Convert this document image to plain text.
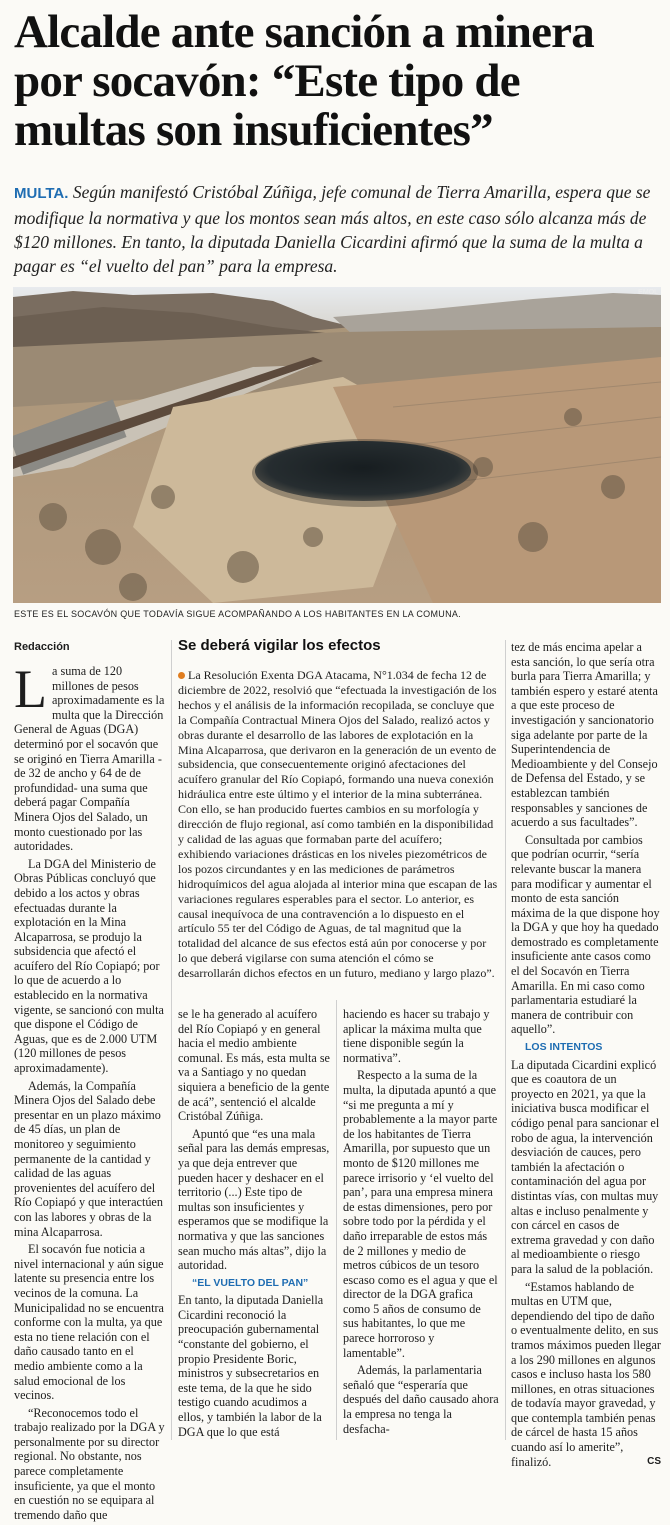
Alcalde ante sanción a minera por socavón: “Este tipo de multas son insuficientes”

MULTA. Según manifestó Cristóbal Zúñiga, jefe comunal de Tierra Amarilla, espera que se modifique la normativa y que los montos sean más altos, en este caso sólo alcanza más de $120 millones. En tanto, la diputada Daniella Cicardini afirmó que la suma de la multa a pagar es “el vuelto del pan” para la empresa.

EMOL
ESTE ES EL SOCAVÓN QUE TODAVÍA SIGUE ACOMPAÑANDO A LOS HABITANTES EN LA COMUNA.
Redacción

La suma de 120 millones de pesos aproximadamente es la multa que la Dirección General de Aguas (DGA) determinó por el socavón que se originó en Tierra Amarilla -de 32 de ancho y 64 de de profundidad- una suma que deberá pagar Compañía Minera Ojos del Salado, un monto cuestionado por las autoridades.

La DGA del Ministerio de Obras Públicas concluyó que debido a los actos y obras efectuadas durante la explotación en la Mina Alcaparrosa, se produjo la subsidencia que afectó el acuífero del Río Copiapó; por lo que de acuerdo a lo establecido en la normativa vigente, se sancionó con multa que dispone el Código de Aguas, que es de 2.000 UTM (120 millones de pesos aproximadamente).

Además, la Compañía Minera Ojos del Salado debe presentar en un plazo máximo de 45 días, un plan de monitoreo y seguimiento permanente de la cantidad y calidad de las aguas provenientes del acuífero del Río Copiapó y que interactúen con las labores y obras de la mina Alcaparrosa.

El socavón fue noticia a nivel internacional y aún sigue latente su presencia entre los vecinos de la comuna. La Municipalidad no se encuentra conforme con la multa, ya que esta no tiene relación con el daño causado tanto en el medio ambiente como a la salud emocional de los vecinos.

“Reconocemos todo el trabajo realizado por la DGA y personalmente por su director regional. No obstante, nos parece completamente insuficiente, ya que el monto en cuestión no se equipara al tremendo daño que

Se deberá vigilar los efectos

La Resolución Exenta DGA Atacama, N°1.034 de fecha 12 de diciembre de 2022, resolvió que “efectuada la investigación de los hechos y el análisis de la información recopilada, se concluye que la Compañía Contractual Minera Ojos del Salado, realizó actos y obras durante el desarrollo de las labores de explotación en la Mina Alcaparrosa, que derivaron en la generación de un evento de subsidencia, que consecuentemente originó afectaciones del acuífero granular del Río Copiapó, formando una nueva conexión hidráulica entre este último y el interior de la mina subterránea. Con ello, se han producido fuertes cambios en su morfología y dirección de flujo regional, así como también en la disponibilidad y calidad de las aguas que formaban parte del acuífero; exhibiendo variaciones drásticas en los niveles piezométricos de los pozos circundantes y en las mediciones de parámetros hidroquímicos del agua alojada al interior mina que escapan de las variaciones regulares esperables para el sector. Lo anterior, es causal inequívoca de una contravención a lo dispuesto en el artículo 55 ter del Código de Aguas, de tal magnitud que la totalidad del alcance de sus efectos está aún por conocerse y por lo que deberá vigilarse con suma atención el cómo se desarrollarán dichos efectos en un futuro, mediano y largo plazo”.

se le ha generado al acuífero del Río Copiapó y en general hacia el medio ambiente comunal. Es más, esta multa se va a Santiago y no quedan siquiera a beneficio de la gente de acá”, sentenció el alcalde Cristóbal Zúñiga.

Apuntó que “es una mala señal para las demás empresas, ya que deja entrever que pueden hacer y deshacer en el territorio (...) Este tipo de multas son insuficientes y esperamos que se modifique la normativa y que las sanciones sean mucho más altas”, dijo la autoridad.

“EL VUELTO DEL PAN”

En tanto, la diputada Daniella Cicardini reconoció la preocupación gubernamental “constante del gobierno, el propio Presidente Boric, ministros y subsecretarios en este tema, de la que he sido testigo cuando acudimos a ellos, y también la labor de la DGA que lo que está

haciendo es hacer su trabajo y aplicar la máxima multa que tiene disponible según la normativa”.

Respecto a la suma de la multa, la diputada apuntó a que “si me pregunta a mí y probablemente a la mayor parte de los habitantes de Tierra Amarilla, por supuesto que un monto de $120 millones me parece irrisorio y ‘el vuelto del pan’, para una empresa minera de estas dimensiones, pero por sobre todo por la pérdida y el daño irreparable de estos más de 2 millones y medio de metros cúbicos de un tesoro escaso como es el agua y que el director de la DGA grafica como 5 años de consumo de sus habitantes, lo que me parece horroroso y lamentable”.

Además, la parlamentaria señaló que “esperaría que después del daño causado ahora la empresa no tenga la desfacha-

tez de más encima apelar a esta sanción, lo que sería otra burla para Tierra Amarilla; y también espero y estaré atenta a que este proceso de investigación y sancionatorio siga adelante por parte de la Superintendencia de Medioambiente y del Consejo de Defensa del Estado, y se establezcan también responsables y sanciones de acuerdo a sus facultades”.

Consultada por cambios que podrían ocurrir, “sería relevante buscar la manera para modificar y aumentar el monto de esta sanción máxima de la que dispone hoy la DGA y que hoy ha quedado demostrado es completamente insuficiente ante casos como el del Socavón en Tierra Amarilla. En mi caso como parlamentaria estudiaré la manera de contribuir con aquello”.

LOS INTENTOS

La diputada Cicardini explicó que es coautora de un proyecto en 2021, ya que la iniciativa busca modificar el código penal para sancionar el robo de agua, la intervención desviación de cauces, pero también la afectación o contaminación del agua por distintas vías, con multas muy altas e incluso penalmente y con cárcel en casos de extrema gravedad y con daño al medioambiente o riesgo para la salud de la población.

“Estamos hablando de multas en UTM que, dependiendo del tipo de daño o eventualmente delito, en sus tramos máximos pueden llegar a los 290 millones en algunos casos e incluso hasta los 580 millones, en otras situaciones de todavía mayor gravedad, y que contempla también penas de cárcel de hasta 15 años cuando así lo amerite”, finalizó.	CS
